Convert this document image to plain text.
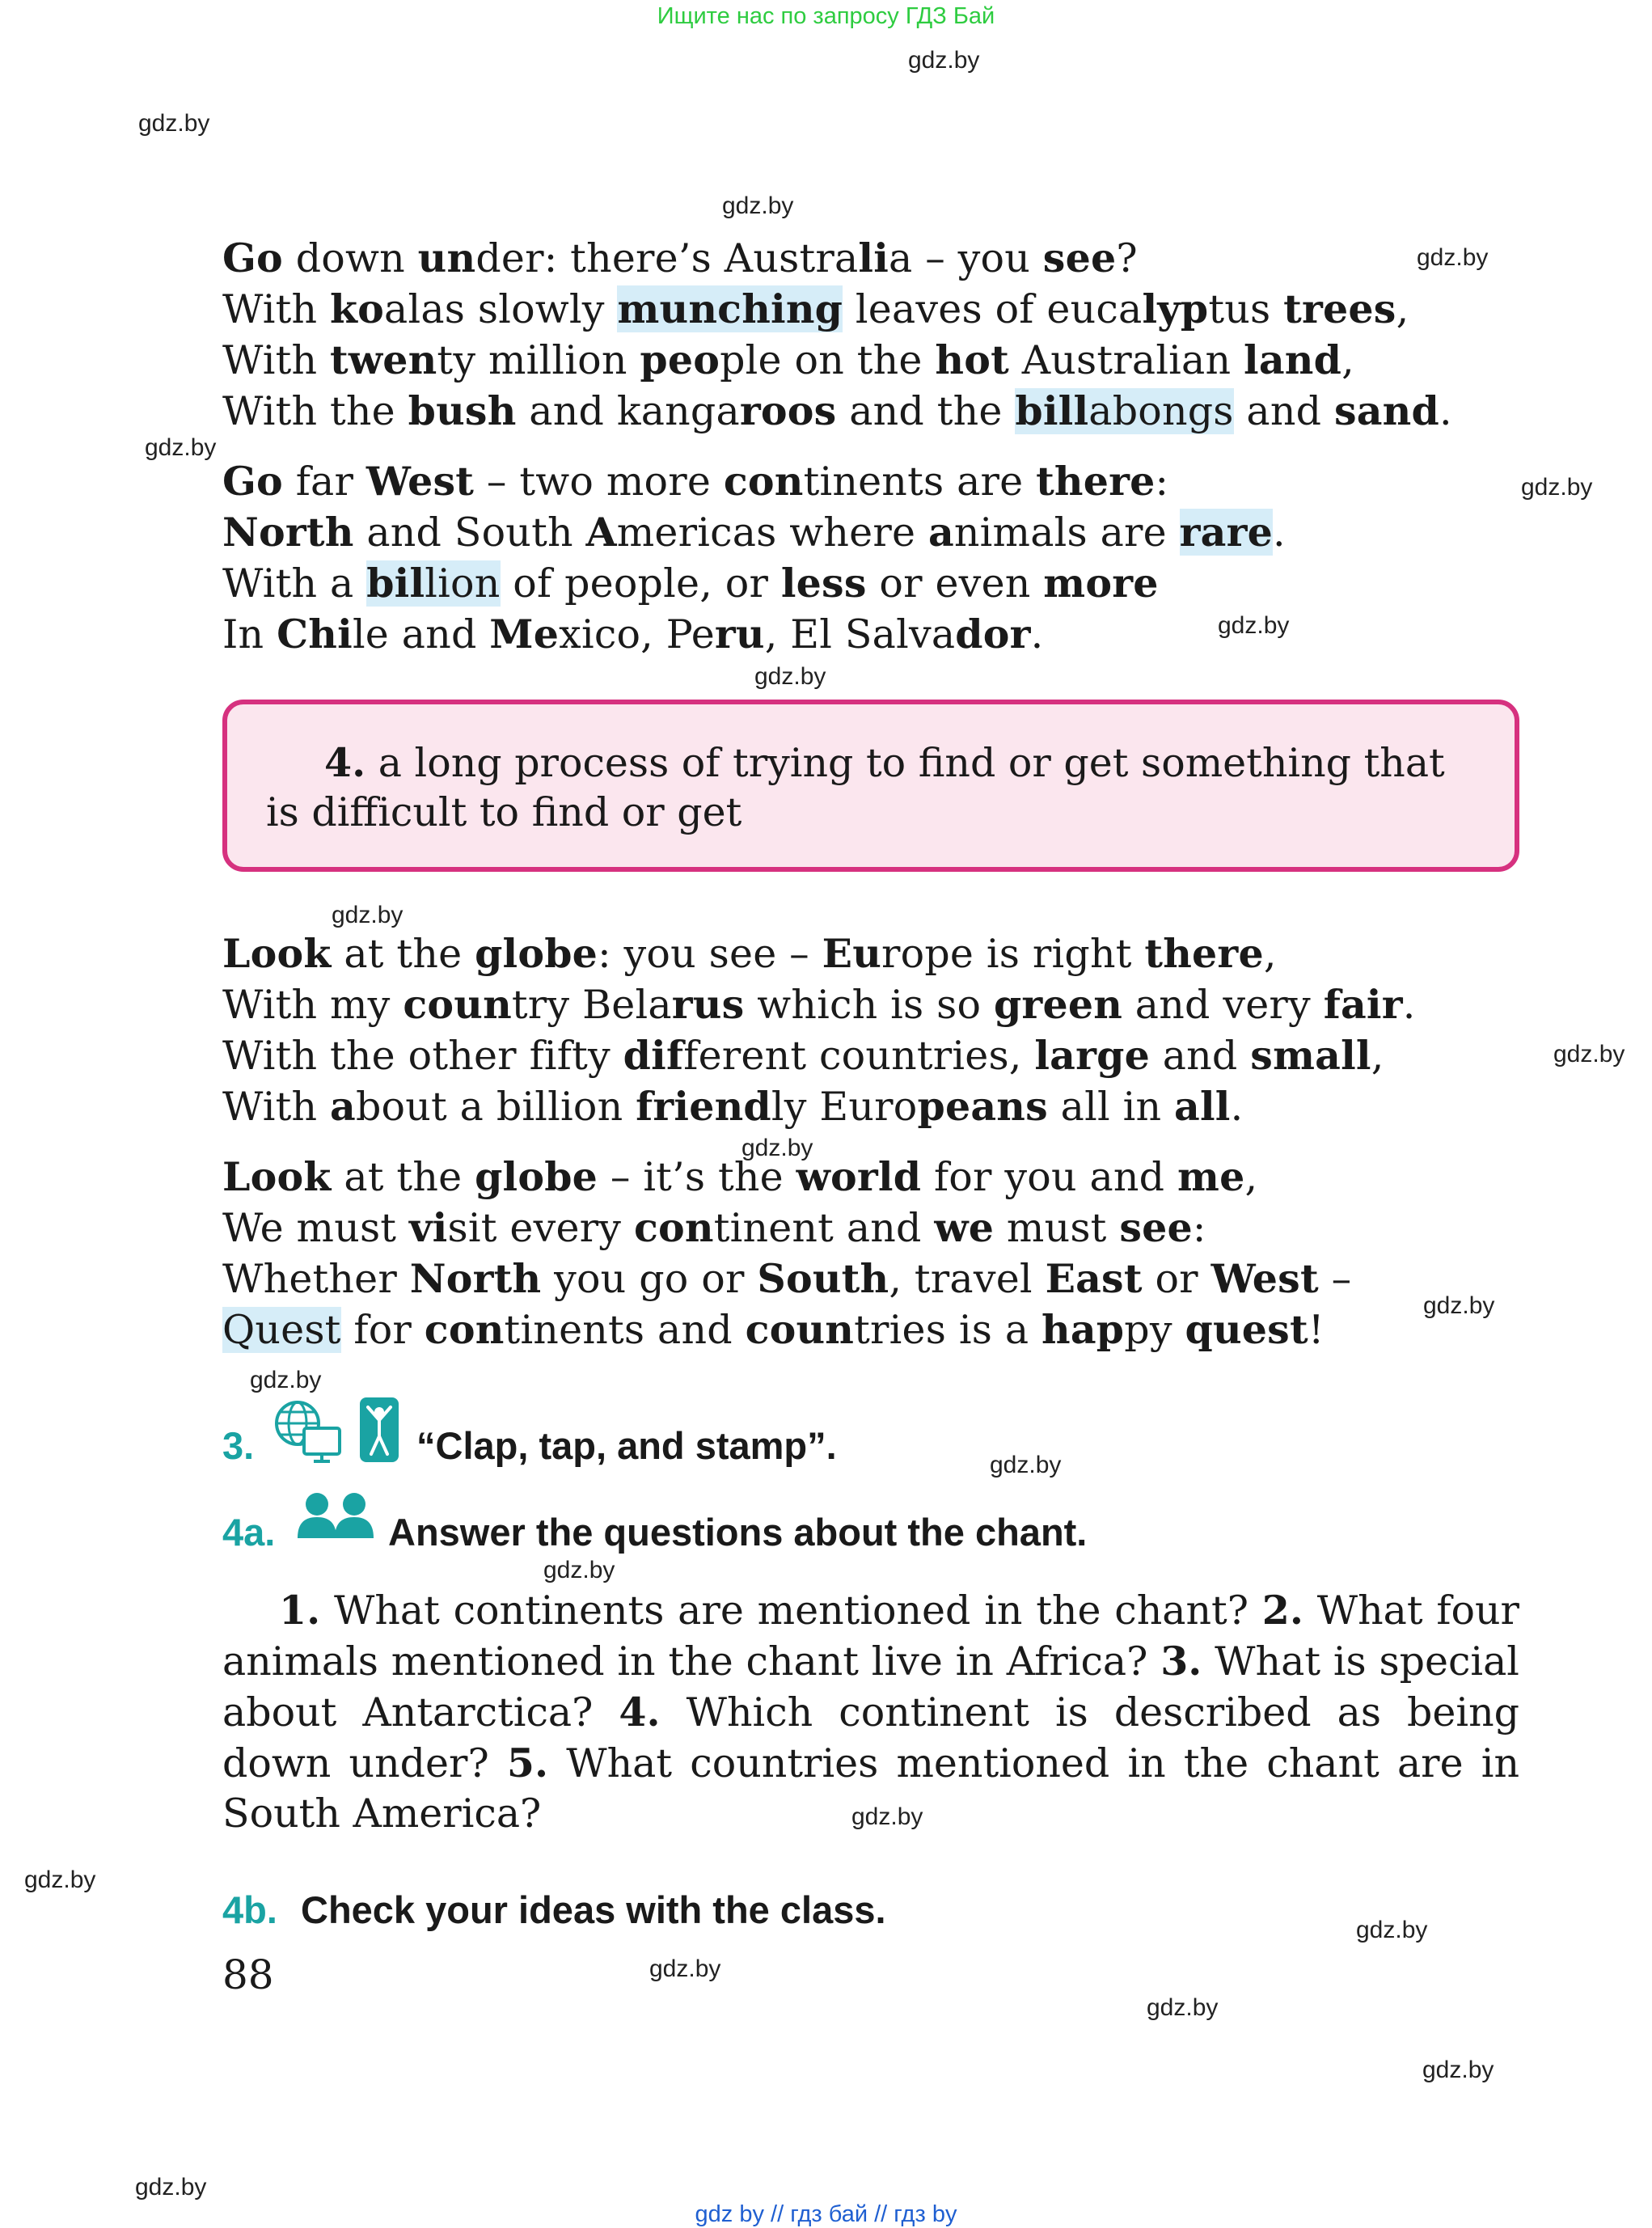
Ищите нас по запросу ГДЗ Бай
gdz.by
gdz.by
gdz.by
gdz.by
gdz.by
gdz.by
gdz.by
gdz.by
gdz.by
gdz.by
gdz.by
gdz.by
gdz.by
gdz.by
gdz.by
gdz.by
gdz.by
gdz.by
gdz.by
gdz.by
gdz.by
gdz.by
Go down under: there’s Australia – you see?
With koalas slowly munching leaves of eucalyptus trees,
With twenty million people on the hot Australian land,
With the bush and kangaroos and the billabongs and sand.
Go far West – two more continents are there:
North and South Americas where animals are rare.
With a billion of people, or less or even more
In Chile and Mexico, Peru, El Salvador.
4. a long process of trying to find or get something that
is difficult to find or get
Look at the globe: you see – Europe is right there,
With my country Belarus which is so green and very fair.
With the other fifty different countries, large and small,
With about a billion friendly Europeans all in all.
Look at the globe – it’s the world for you and me,
We must visit every continent and we must see:
Whether North you go or South, travel East or West –
Quest for continents and countries is a happy quest!
3.	“Clap, tap, and stamp”.
4a.	Answer the questions about the chant.
1. What continents are mentioned in the chant? 2. What four
animals mentioned in the chant live in Africa? 3. What is special
about Antarctica? 4. Which continent is described as being
down under? 5. What countries mentioned in the chant are in
South America?
4b. Check your ideas with the class.
88
gdz by // гдз бай // гдз by
